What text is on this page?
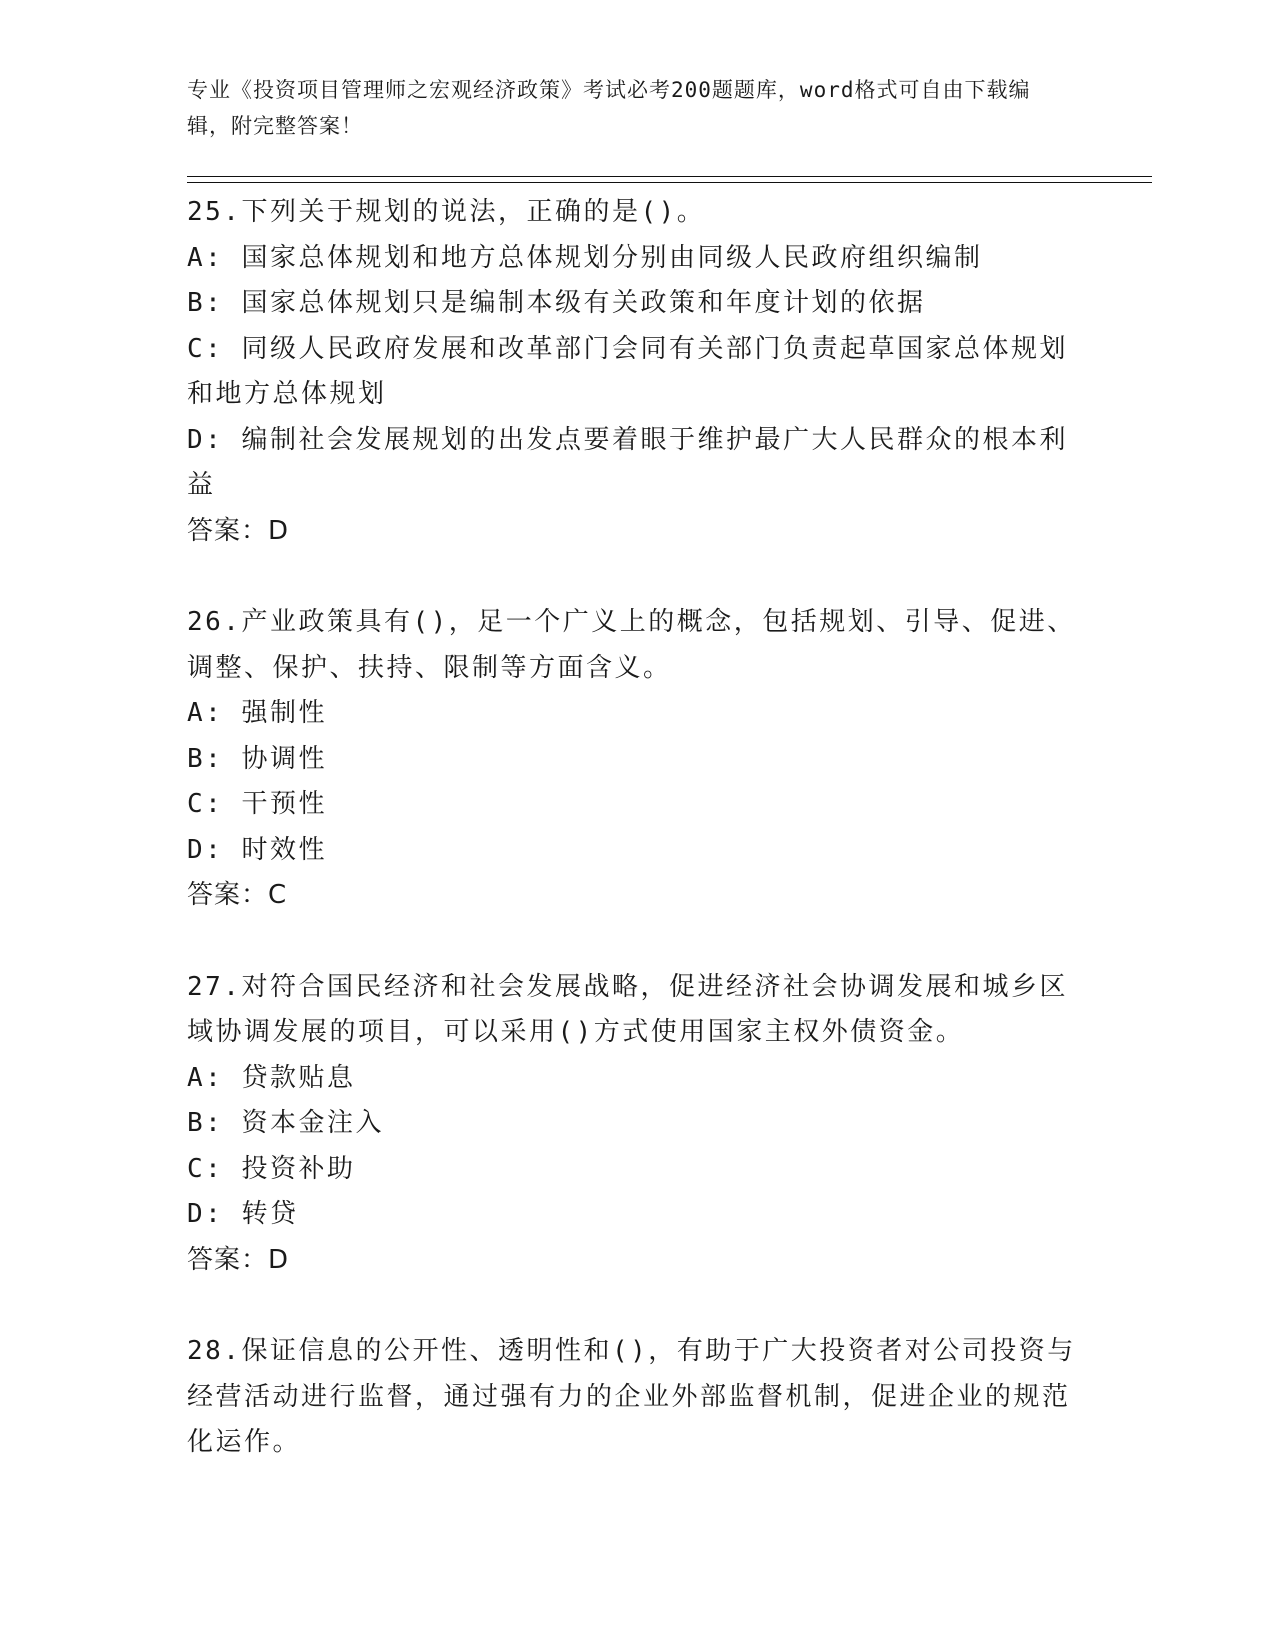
专业《投资项目管理师之宏观经济政策》考试必考200题题库，word格式可自由下载编辑，附完整答案！

25.下列关于规划的说法，正确的是()。

A: 国家总体规划和地方总体规划分别由同级人民政府组织编制

B: 国家总体规划只是编制本级有关政策和年度计划的依据

C: 同级人民政府发展和改革部门会同有关部门负责起草国家总体规划和地方总体规划

D: 编制社会发展规划的出发点要着眼于维护最广大人民群众的根本利益

答案：D

26.产业政策具有()，足一个广义上的概念，包括规划、引导、促进、调整、保护、扶持、限制等方面含义。

A: 强制性

B: 协调性

C: 干预性

D: 时效性

答案：C

27.对符合国民经济和社会发展战略，促进经济社会协调发展和城乡区域协调发展的项目，可以采用()方式使用国家主权外债资金。

A: 贷款贴息

B: 资本金注入

C: 投资补助

D: 转贷

答案：D

28.保证信息的公开性、透明性和()，有助于广大投资者对公司投资与经营活动进行监督，通过强有力的企业外部监督机制，促进企业的规范化运作。
